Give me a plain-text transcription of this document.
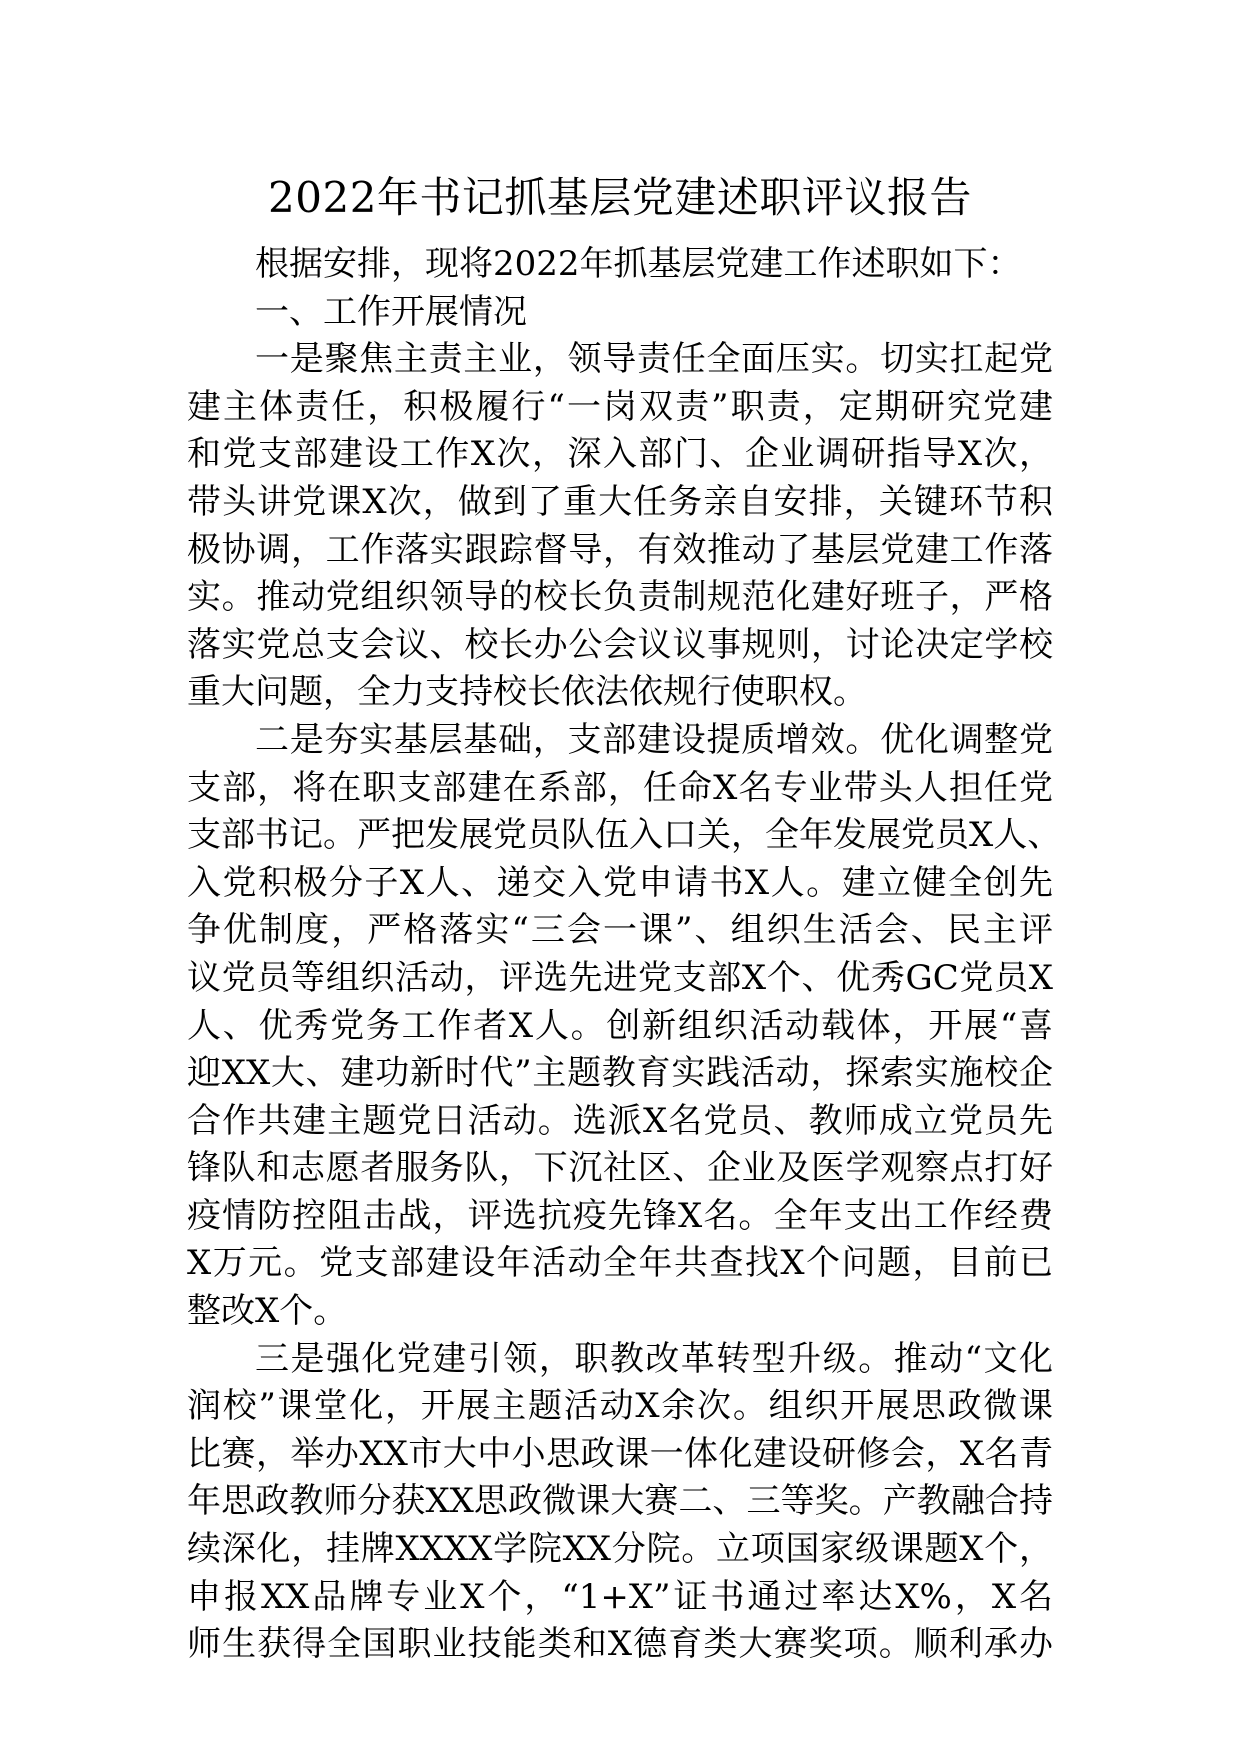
2022年书记抓基层党建述职评议报告
根据安排，现将2022年抓基层党建工作述职如下：
一、工作开展情况
一是聚焦主责主业，领导责任全面压实。切实扛起党
建主体责任，积极履行“一岗双责”职责，定期研究党建
和党支部建设工作X次，深入部门、企业调研指导X次，
带头讲党课X次，做到了重大任务亲自安排，关键环节积
极协调，工作落实跟踪督导，有效推动了基层党建工作落
实。推动党组织领导的校长负责制规范化建好班子，严格
落实党总支会议、校长办公会议议事规则，讨论决定学校
重大问题，全力支持校长依法依规行使职权。
二是夯实基层基础，支部建设提质增效。优化调整党
支部，将在职支部建在系部，任命X名专业带头人担任党
支部书记。严把发展党员队伍入口关，全年发展党员X人、
入党积极分子X人、递交入党申请书X人。建立健全创先
争优制度，严格落实“三会一课”、组织生活会、民主评
议党员等组织活动，评选先进党支部X个、优秀GC党员X
人、优秀党务工作者X人。创新组织活动载体，开展“喜
迎XX大、建功新时代”主题教育实践活动，探索实施校企
合作共建主题党日活动。选派X名党员、教师成立党员先
锋队和志愿者服务队，下沉社区、企业及医学观察点打好
疫情防控阻击战，评选抗疫先锋X名。全年支出工作经费
X万元。党支部建设年活动全年共查找X个问题，目前已
整改X个。
三是强化党建引领，职教改革转型升级。推动“文化
润校”课堂化，开展主题活动X余次。组织开展思政微课
比赛，举办XX市大中小思政课一体化建设研修会，X名青
年思政教师分获XX思政微课大赛二、三等奖。产教融合持
续深化，挂牌XXXX学院XX分院。立项国家级课题X个，
申报XX品牌专业X个，“1+X”证书通过率达X%，X名
师生获得全国职业技能类和X德育类大赛奖项。顺利承办
